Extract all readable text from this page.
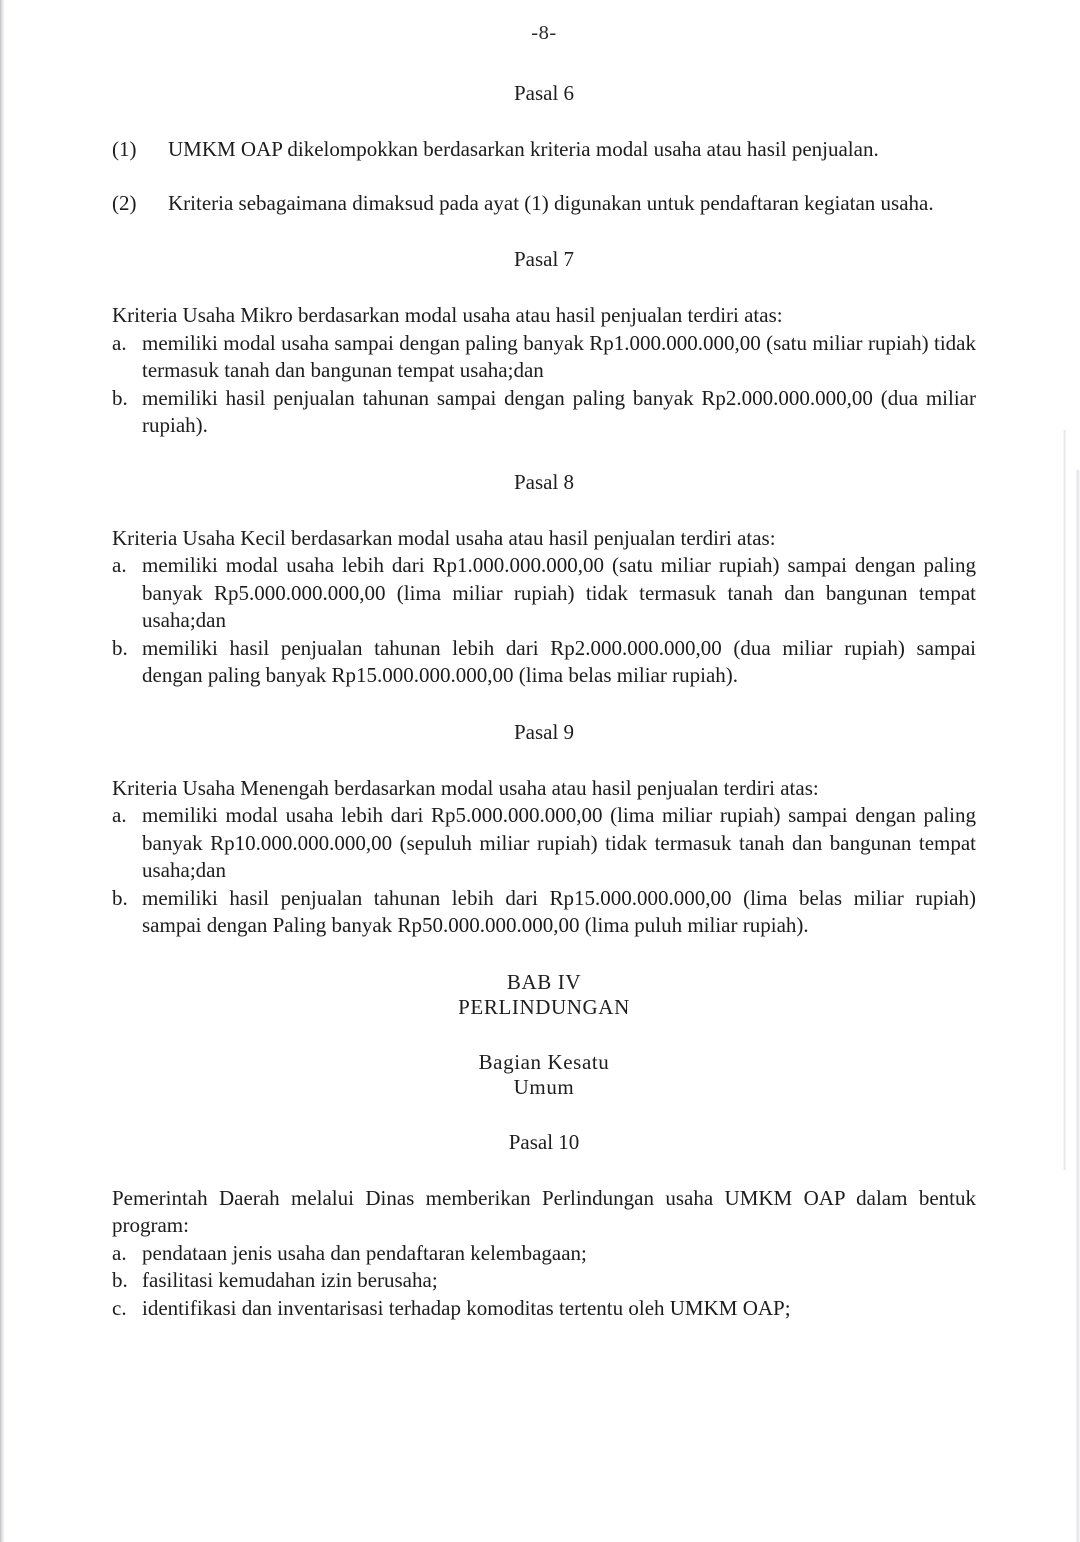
-8-
Pasal 6
(1) UMKM OAP dikelompokkan berdasarkan kriteria modal usaha atau hasil penjualan.
(2) Kriteria sebagaimana dimaksud pada ayat (1) digunakan untuk pendaftaran kegiatan usaha.
Pasal 7

Kriteria Usaha Mikro berdasarkan modal usaha atau hasil penjualan terdiri atas:

a. memiliki modal usaha sampai dengan paling banyak Rp1.000.000.000,00 (satu miliar rupiah) tidak termasuk tanah dan bangunan tempat usaha;dan
b. memiliki hasil penjualan tahunan sampai dengan paling banyak Rp2.000.000.000,00 (dua miliar rupiah).
Pasal 8

Kriteria Usaha Kecil berdasarkan modal usaha atau hasil penjualan terdiri atas:

a. memiliki modal usaha lebih dari Rp1.000.000.000,00 (satu miliar rupiah) sampai dengan paling banyak Rp5.000.000.000,00 (lima miliar rupiah) tidak termasuk tanah dan bangunan tempat usaha;dan
b. memiliki hasil penjualan tahunan lebih dari Rp2.000.000.000,00 (dua miliar rupiah) sampai dengan paling banyak Rp15.000.000.000,00 (lima belas miliar rupiah).
Pasal 9

Kriteria Usaha Menengah berdasarkan modal usaha atau hasil penjualan terdiri atas:

a. memiliki modal usaha lebih dari Rp5.000.000.000,00 (lima miliar rupiah) sampai dengan paling banyak Rp10.000.000.000,00 (sepuluh miliar rupiah) tidak termasuk tanah dan bangunan tempat usaha;dan
b. memiliki hasil penjualan tahunan lebih dari Rp15.000.000.000,00 (lima belas miliar rupiah) sampai dengan Paling banyak Rp50.000.000.000,00 (lima puluh miliar rupiah).
BAB IV
PERLINDUNGAN
Bagian Kesatu
Umum
Pasal 10

Pemerintah Daerah melalui Dinas memberikan Perlindungan usaha UMKM OAP dalam bentuk program:

a. pendataan jenis usaha dan pendaftaran kelembagaan;
b. fasilitasi kemudahan izin berusaha;
c. identifikasi dan inventarisasi terhadap komoditas tertentu oleh UMKM OAP;
